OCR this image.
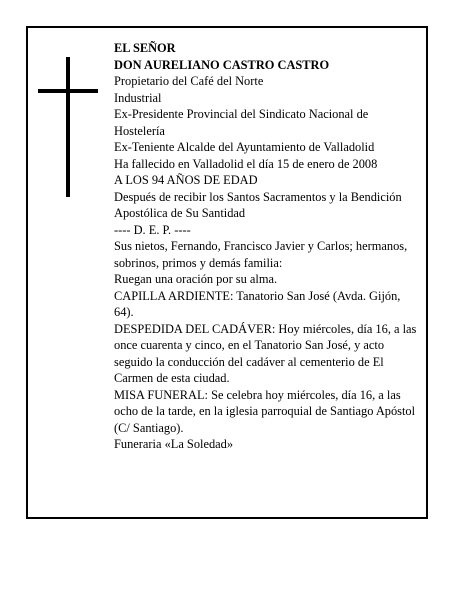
EL SEÑOR

DON AURELIANO CASTRO CASTRO

Propietario del Café del Norte

Industrial

Ex-Presidente Provincial del Sindicato Nacional de Hostelería

Ex-Teniente Alcalde del Ayuntamiento de Valladolid

Ha fallecido en Valladolid el día 15 de enero de 2008

A LOS 94 AÑOS DE EDAD

Después de recibir los Santos Sacramentos y la Bendición Apostólica de Su Santidad

---- D. E. P. ----

Sus nietos, Fernando, Francisco Javier y Carlos; hermanos, sobrinos, primos y demás familia:

Ruegan una oración por su alma.

CAPILLA ARDIENTE: Tanatorio San José (Avda. Gijón, 64).

DESPEDIDA DEL CADÁVER: Hoy miércoles, día 16, a las once cuarenta y cinco, en el Tanatorio San José, y acto seguido la conducción del cadáver al cementerio de El Carmen de esta ciudad.

MISA FUNERAL: Se celebra hoy miércoles, día 16, a las ocho de la tarde, en la iglesia parroquial de Santiago Apóstol (C/ Santiago).

Funeraria «La Soledad»
